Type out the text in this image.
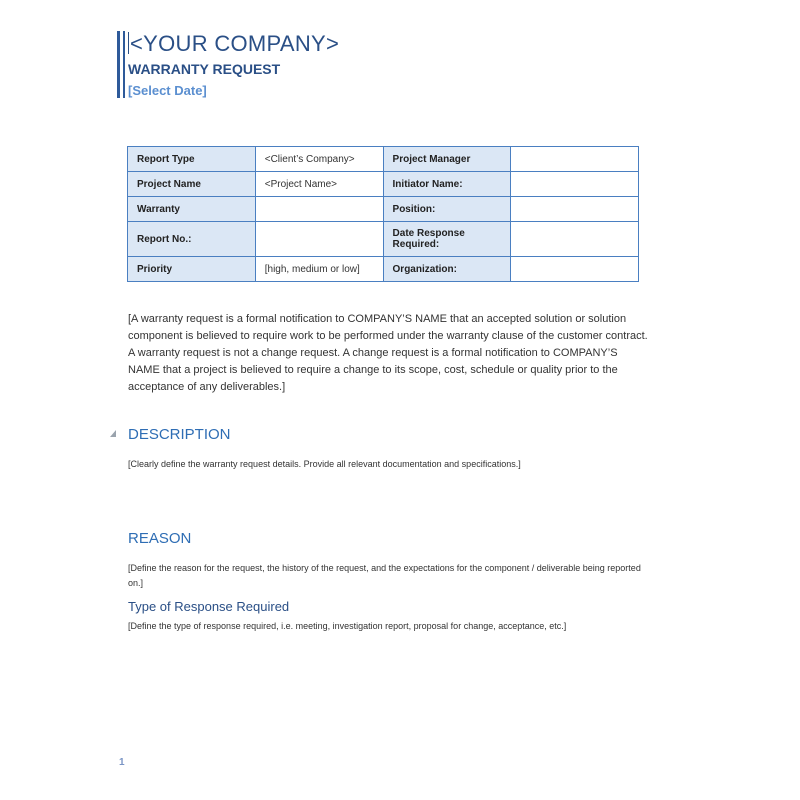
<YOUR COMPANY>
WARRANTY REQUEST
[Select Date]
Report Type	<Client’s Company>	Project Manager	
Project Name	<Project Name>	Initiator Name:	
Warranty		Position:	
Report No.:		Date Response Required:	
Priority	[high, medium or low]	Organization:	
[A warranty request is a formal notification to COMPANY’S NAME that an accepted solution or solution component is believed to require work to be performed under the warranty clause of the customer contract. A warranty request is not a change request. A change request is a formal notification to COMPANY’S NAME that a project is believed to require a change to its scope, cost, schedule or quality prior to the acceptance of any deliverables.]
DESCRIPTION
[Clearly define the warranty request details. Provide all relevant documentation and specifications.]
REASON
[Define the reason for the request, the history of the request, and the expectations for the component / deliverable being reported on.]
Type of Response Required
[Define the type of response required, i.e. meeting, investigation report, proposal for change, acceptance, etc.]
1
